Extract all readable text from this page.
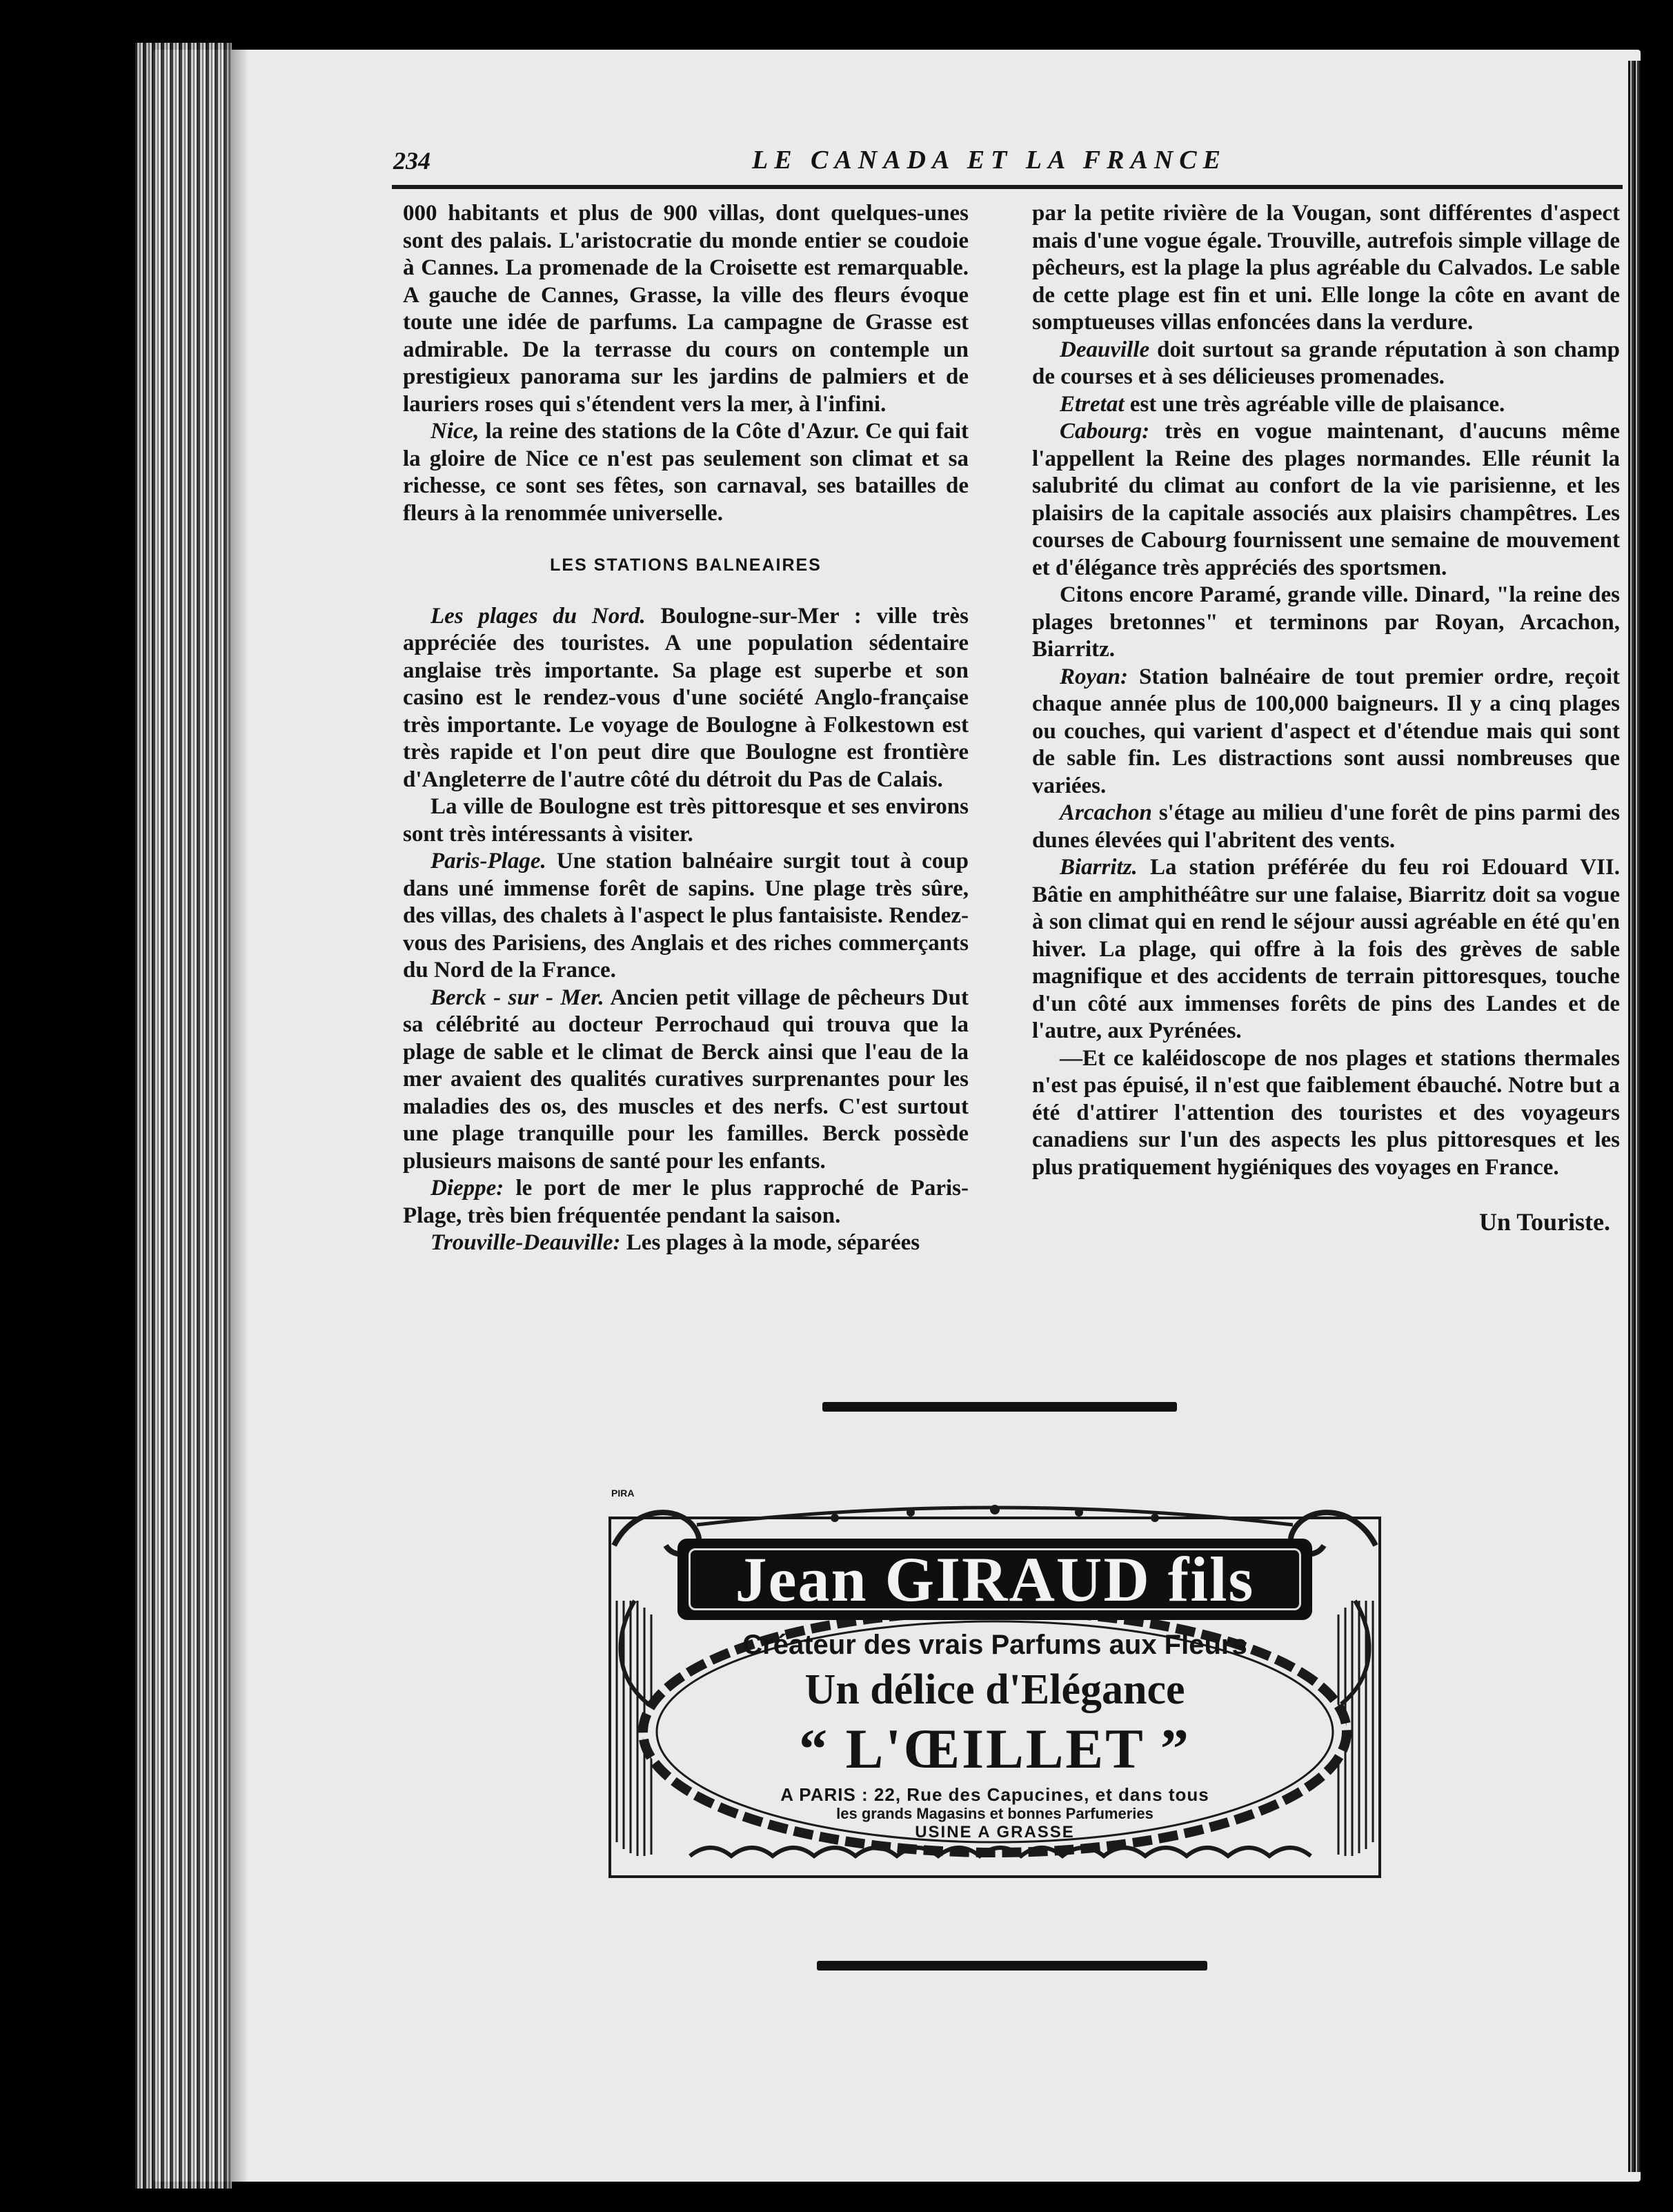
234	LE CANADA ET LA FRANCE

000 habitants et plus de 900 villas, dont quelques-unes sont des palais. L'aristocratie du monde entier se coudoie à Cannes. La promenade de la Croisette est remarquable. A gauche de Cannes, Grasse, la ville des fleurs évoque toute une idée de parfums. La campagne de Grasse est admirable. De la terrasse du cours on contemple un prestigieux panorama sur les jardins de palmiers et de lauriers roses qui s'étendent vers la mer, à l'infini.

Nice, la reine des stations de la Côte d'Azur. Ce qui fait la gloire de Nice ce n'est pas seulement son climat et sa richesse, ce sont ses fêtes, son carnaval, ses batailles de fleurs à la renommée universelle.

LES STATIONS BALNEAIRES

Les plages du Nord. Boulogne-sur-Mer : ville très appréciée des touristes. A une population sédentaire anglaise très importante. Sa plage est superbe et son casino est le rendez-vous d'une société Anglo-française très importante. Le voyage de Boulogne à Folkestown est très rapide et l'on peut dire que Boulogne est frontière d'Angleterre de l'autre côté du détroit du Pas de Calais.

La ville de Boulogne est très pittoresque et ses environs sont très intéressants à visiter.

Paris-Plage. Une station balnéaire surgit tout à coup dans uné immense forêt de sapins. Une plage très sûre, des villas, des chalets à l'aspect le plus fantaisiste. Rendez-vous des Parisiens, des Anglais et des riches commerçants du Nord de la France.

Berck - sur - Mer. Ancien petit village de pêcheurs Dut sa célébrité au docteur Perrochaud qui trouva que la plage de sable et le climat de Berck ainsi que l'eau de la mer avaient des qualités curatives surprenantes pour les maladies des os, des muscles et des nerfs. C'est surtout une plage tranquille pour les familles. Berck possède plusieurs maisons de santé pour les enfants.

Dieppe: le port de mer le plus rapproché de Paris-Plage, très bien fréquentée pendant la saison.

Trouville-Deauville: Les plages à la mode, séparées

par la petite rivière de la Vougan, sont différentes d'aspect mais d'une vogue égale. Trouville, autrefois simple village de pêcheurs, est la plage la plus agréable du Calvados. Le sable de cette plage est fin et uni. Elle longe la côte en avant de somptueuses villas enfoncées dans la verdure.

Deauville doit surtout sa grande réputation à son champ de courses et à ses délicieuses promenades.

Etretat est une très agréable ville de plaisance.

Cabourg: très en vogue maintenant, d'aucuns même l'appellent la Reine des plages normandes. Elle réunit la salubrité du climat au confort de la vie parisienne, et les plaisirs de la capitale associés aux plaisirs champêtres. Les courses de Cabourg fournissent une semaine de mouvement et d'élégance très appréciés des sportsmen.

Citons encore Paramé, grande ville. Dinard, "la reine des plages bretonnes" et terminons par Royan, Arcachon, Biarritz.

Royan: Station balnéaire de tout premier ordre, reçoit chaque année plus de 100,000 baigneurs. Il y a cinq plages ou couches, qui varient d'aspect et d'étendue mais qui sont de sable fin. Les distractions sont aussi nombreuses que variées.

Arcachon s'étage au milieu d'une forêt de pins parmi des dunes élevées qui l'abritent des vents.

Biarritz. La station préférée du feu roi Edouard VII. Bâtie en amphithéâtre sur une falaise, Biarritz doit sa vogue à son climat qui en rend le séjour aussi agréable en été qu'en hiver. La plage, qui offre à la fois des grèves de sable magnifique et des accidents de terrain pittoresques, touche d'un côté aux immenses forêts de pins des Landes et de l'autre, aux Pyrénées.

—Et ce kaléidoscope de nos plages et stations thermales n'est pas épuisé, il n'est que faiblement ébauché. Notre but a été d'attirer l'attention des touristes et des voyageurs canadiens sur l'un des aspects les plus pittoresques et les plus pratiquement hygiéniques des voyages en France.

Un Touriste.

PIRA
Jean GIRAUD fils
Créateur des vrais Parfums aux Fleurs
Un délice d'Elégance
“ L'ŒILLET ”
A PARIS : 22, Rue des Capucines, et dans tous
les grands Magasins et bonnes Parfumeries
USINE A GRASSE
